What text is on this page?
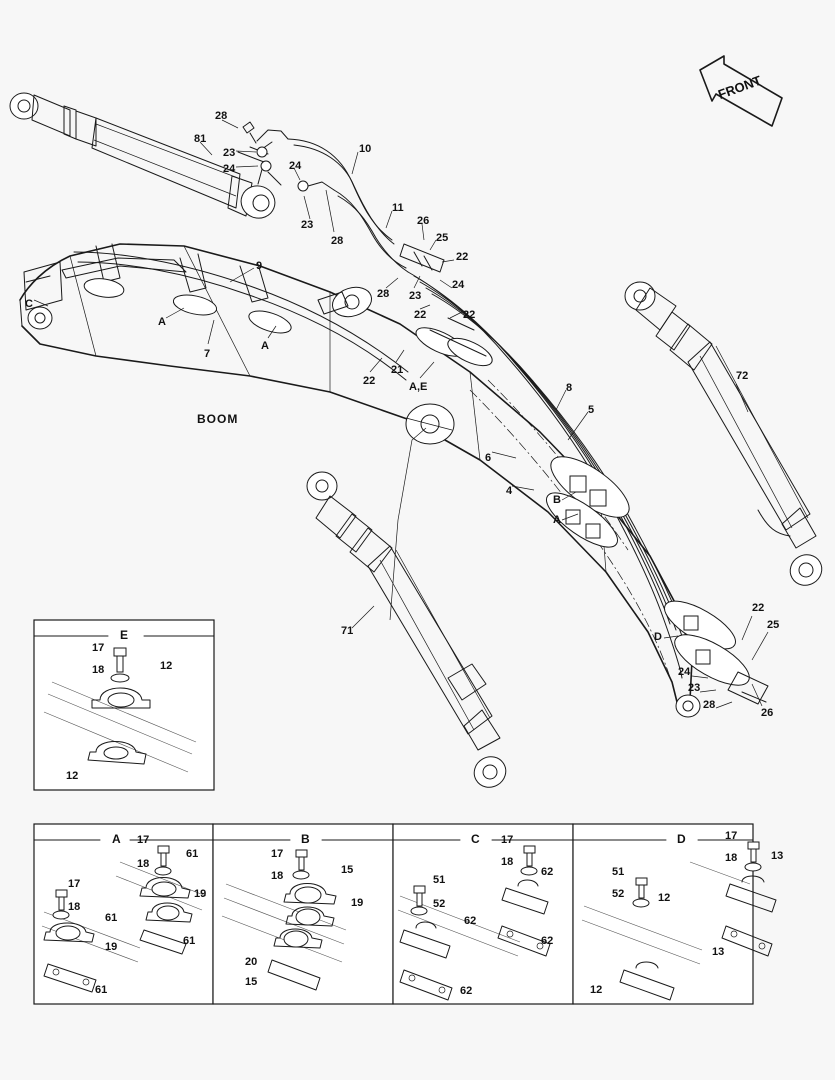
FRONT
BOOM
28
81
23
24	24
10
11
23
28
26
25
22
24
28 23
22	22
9
7
A
A
C
22
21
A,E	8
5
6
4
B
A
72
71	D
22
25
24
23
28
26
E
17
18	12
12
A 17
18
61
19
61
17
18
61
19
61
B
17
18	15
19
20
15
C 17
18
62
51
52
62
62
62
D	17
18	13
51
52	12
13
12
